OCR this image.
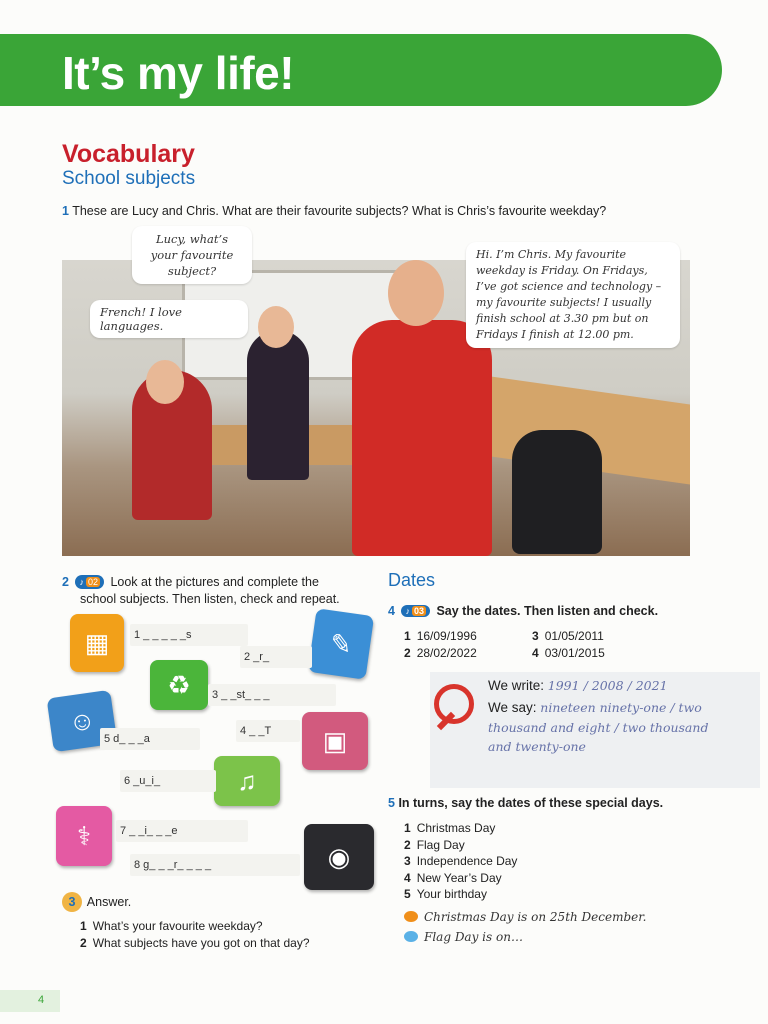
It’s my life!
Vocabulary
School subjects
1 These are Lucy and Chris. What are their favourite subjects? What is Chris’s favourite weekday?
Lucy, what’s your favourite subject?
French! I love languages.
Hi. I’m Chris. My favourite weekday is Friday. On Fridays, I’ve got science and technology – my favourite subjects! I usually finish school at 3.30 pm but on Fridays I finish at 12.00 pm.
2 ♪ 02 Look at the pictures and complete the
school subjects. Then listen, check and repeat.
▦	✎
♻
☺
▣
♫
⚕
◉
1 _ _ _ _ _s
2 _r_
3 _ _st_ _ _
4 _ _T
5 d_ _ _a
6 _u_i_
7 _ _i_ _ _e
8 g_ _ _r_ _ _ _
3 Answer.
1 What’s your favourite weekday?
2 What subjects have you got on that day?
Dates
4 ♪ 03 Say the dates. Then listen and check.
1 16/09/1996	3 01/05/2011
2 28/02/2022	4 03/01/2015
We write: 1991 / 2008 / 2021
We say: nineteen ninety-one / two thousand and eight / two thousand and twenty-one
5 In turns, say the dates of these special days.
1 Christmas Day
2 Flag Day
3 Independence Day
4 New Year’s Day
5 Your birthday
Christmas Day is on 25th December.
Flag Day is on…
4
